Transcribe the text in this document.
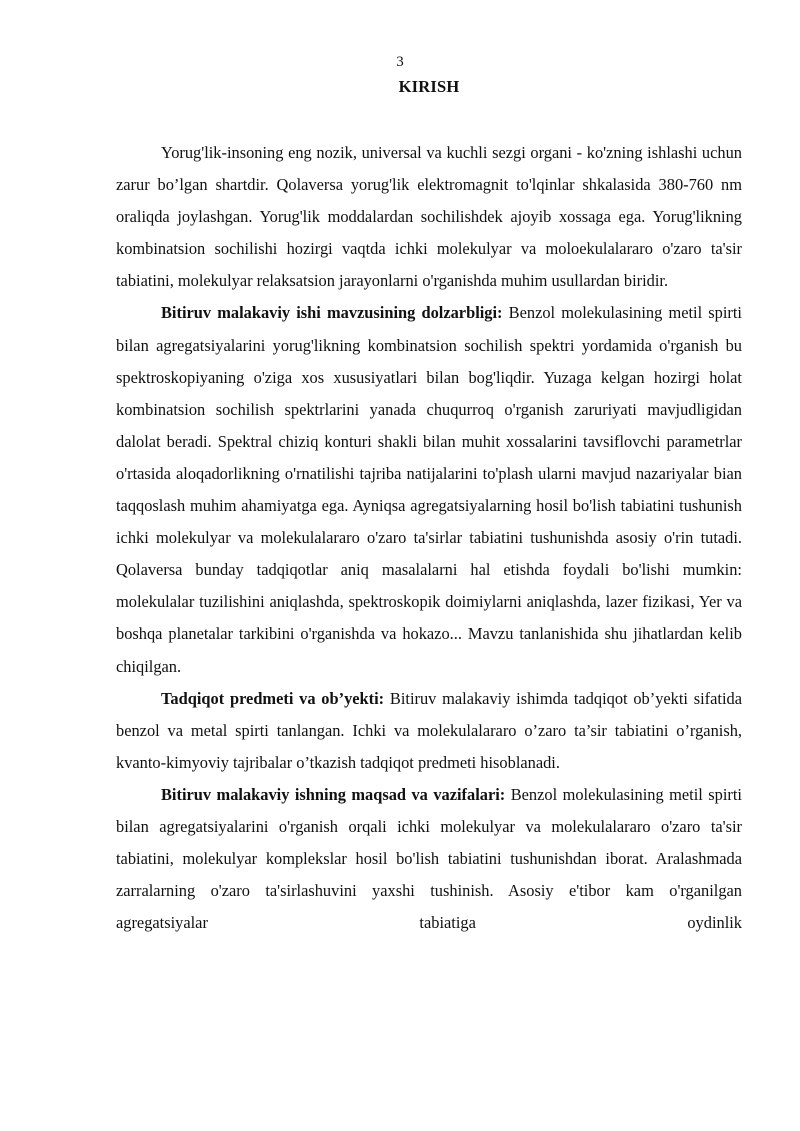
3
KIRISH

Yorug'lik-insoning eng nozik, universal va kuchli sezgi organi - ko'zning ishlashi uchun zarur bo’lgan shartdir. Qolaversa yorug'lik elektromagnit to'lqinlar shkalasida 380-760 nm oraliqda joylashgan. Yorug'lik moddalardan sochilishdek ajoyib xossaga ega. Yorug'likning kombinatsion sochilishi hozirgi vaqtda ichki molekulyar va moloekulalararo o'zaro ta'sir tabiatini, molekulyar relaksatsion jarayonlarni o'rganishda muhim usullardan biridir.

Bitiruv malakaviy ishi mavzusining dolzarbligi: Benzol molekulasining metil spirti bilan agregatsiyalarini yorug'likning kombinatsion sochilish spektri yordamida o'rganish bu spektroskopiyaning o'ziga xos xususiyatlari bilan bog'liqdir. Yuzaga kelgan hozirgi holat kombinatsion sochilish spektrlarini yanada chuqurroq o'rganish zaruriyati mavjudligidan dalolat beradi. Spektral chiziq konturi shakli bilan muhit xossalarini tavsiflovchi parametrlar o'rtasida aloqadorlikning o'rnatilishi tajriba natijalarini to'plash ularni mavjud nazariyalar bian taqqoslash muhim ahamiyatga ega. Ayniqsa agregatsiyalarning hosil bo'lish tabiatini tushunish ichki molekulyar va molekulalararo o'zaro ta'sirlar tabiatini tushunishda asosiy o'rin tutadi. Qolaversa bunday tadqiqotlar aniq masalalarni hal etishda foydali bo'lishi mumkin: molekulalar tuzilishini aniqlashda, spektroskopik doimiylarni aniqlashda, lazer fizikasi, Yer va boshqa planetalar tarkibini o'rganishda va hokazo... Mavzu tanlanishida shu jihatlardan kelib chiqilgan.

Tadqiqot predmeti va ob’yekti: Bitiruv malakaviy ishimda tadqiqot ob’yekti sifatida benzol va metal spirti tanlangan. Ichki va molekulalararo o’zaro ta’sir tabiatini o’rganish, kvanto-kimyoviy tajribalar o’tkazish tadqiqot predmeti hisoblanadi.

Bitiruv malakaviy ishning maqsad va vazifalari: Benzol molekulasining metil spirti bilan agregatsiyalarini o'rganish orqali ichki molekulyar va molekulalararo o'zaro ta'sir tabiatini, molekulyar komplekslar hosil bo'lish tabiatini tushunishdan iborat. Aralashmada zarralarning o'zaro ta'sirlashuvini yaxshi tushinish. Asosiy e'tibor kam o'rganilgan agregatsiyalar tabiatiga oydinlik
